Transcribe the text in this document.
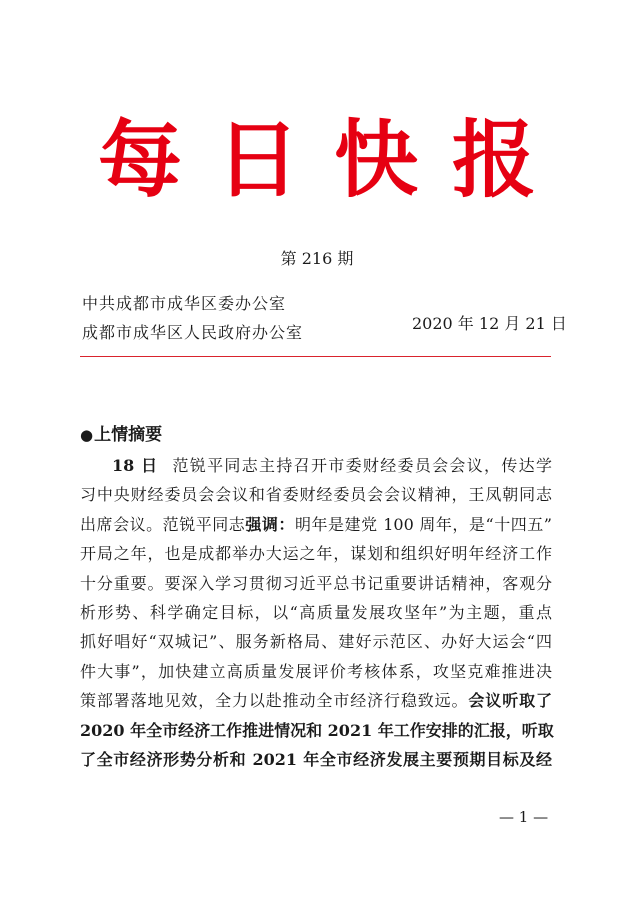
每日快报
第 216 期
中共成都市成华区委办公室
成都市成华区人民政府办公室	2020 年 12 月 21 日
●上情摘要
18 日 范锐平同志主持召开市委财经委员会会议，传达学
习中央财经委员会会议和省委财经委员会会议精神，王凤朝同志
出席会议。范锐平同志强调：明年是建党 100 周年，是“十四五”
开局之年，也是成都举办大运之年，谋划和组织好明年经济工作
十分重要。要深入学习贯彻习近平总书记重要讲话精神，客观分
析形势、科学确定目标，以“高质量发展攻坚年”为主题，重点
抓好唱好“双城记”、服务新格局、建好示范区、办好大运会“四
件大事”，加快建立高质量发展评价考核体系，攻坚克难推进决
策部署落地见效，全力以赴推动全市经济行稳致远。会议听取了
2020 年全市经济工作推进情况和 2021 年工作安排的汇报，听取
了全市经济形势分析和 2021 年全市经济发展主要预期目标及经
— 1 —
